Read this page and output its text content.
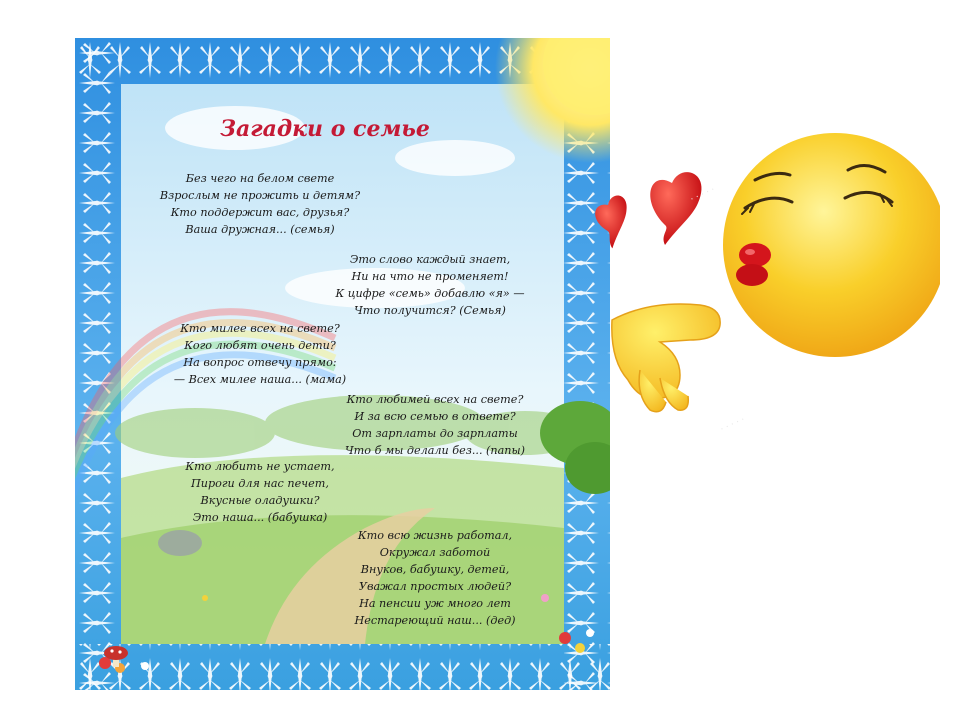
Загадки о семье
Без чего на белом свете
Взрослым не прожить и детям?
Кто поддержит вас, друзья?
Ваша дружная... (семья)
Это слово каждый знает,
Ни на что не променяет!
К цифре «семь» добавлю «я» —
Что получится? (Семья)
Кто милее всех на свете?
Кого любят очень дети?
На вопрос отвечу прямо:
— Всех милее наша... (мама)
Кто любимей всех на свете?
И за всю семью в ответе?
От зарплаты до зарплаты
Что б мы делали без... (папы)
Кто любить не устает,
Пироги для нас печет,
Вкусные оладушки?
Это наша... (бабушка)
Кто всю жизнь работал,
Окружал заботой
Внуков, бабушку, детей,
Уважал простых людей?
На пенсии уж много лет
Нестареющий наш... (дед)
· · · · ·
· · · · ·
